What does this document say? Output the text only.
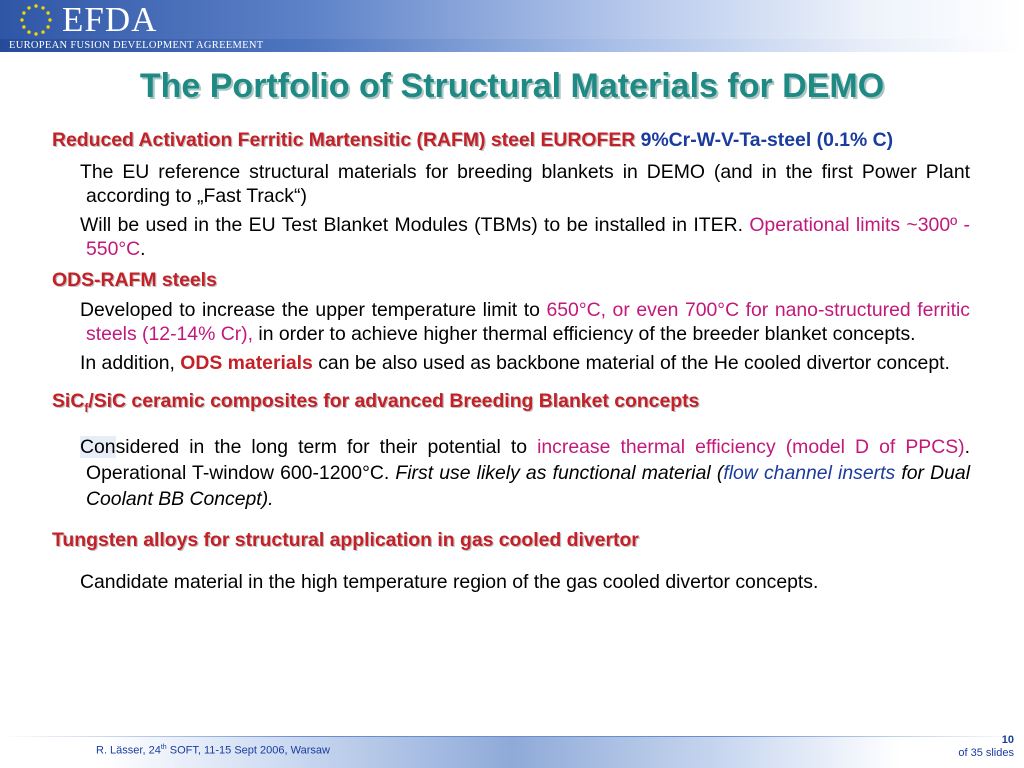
EFDA
EUROPEAN FUSION DEVELOPMENT AGREEMENT
The Portfolio of Structural Materials for DEMO

Reduced Activation Ferritic Martensitic (RAFM) steel EUROFER 9%Cr-W-V-Ta-steel (0.1% C)

The EU reference structural materials for breeding blankets in DEMO (and in the first Power Plant according to „Fast Track“)

Will be used in the EU Test Blanket Modules (TBMs) to be installed in ITER. Operational limits ~300º - 550°C.

ODS-RAFM steels

Developed to increase the upper temperature limit to 650°C, or even 700°C for nano-structured ferritic steels (12-14% Cr), in order to achieve higher thermal efficiency of the breeder blanket concepts.

In addition, ODS materials can be also used as backbone material of the He cooled divertor concept.

SiC$_f$/SiC ceramic composites for advanced Breeding Blanket concepts

Considered in the long term for their potential to increase thermal efficiency (model D of PPCS). Operational T-window 600-1200°C. First use likely as functional material (flow channel inserts for Dual Coolant BB Concept).

Tungsten alloys for structural application in gas cooled divertor

Candidate material in the high temperature region of the gas cooled divertor concepts.

R. Lässer, 24th SOFT, 11-15 Sept 2006, Warsaw
10
of 35 slides
